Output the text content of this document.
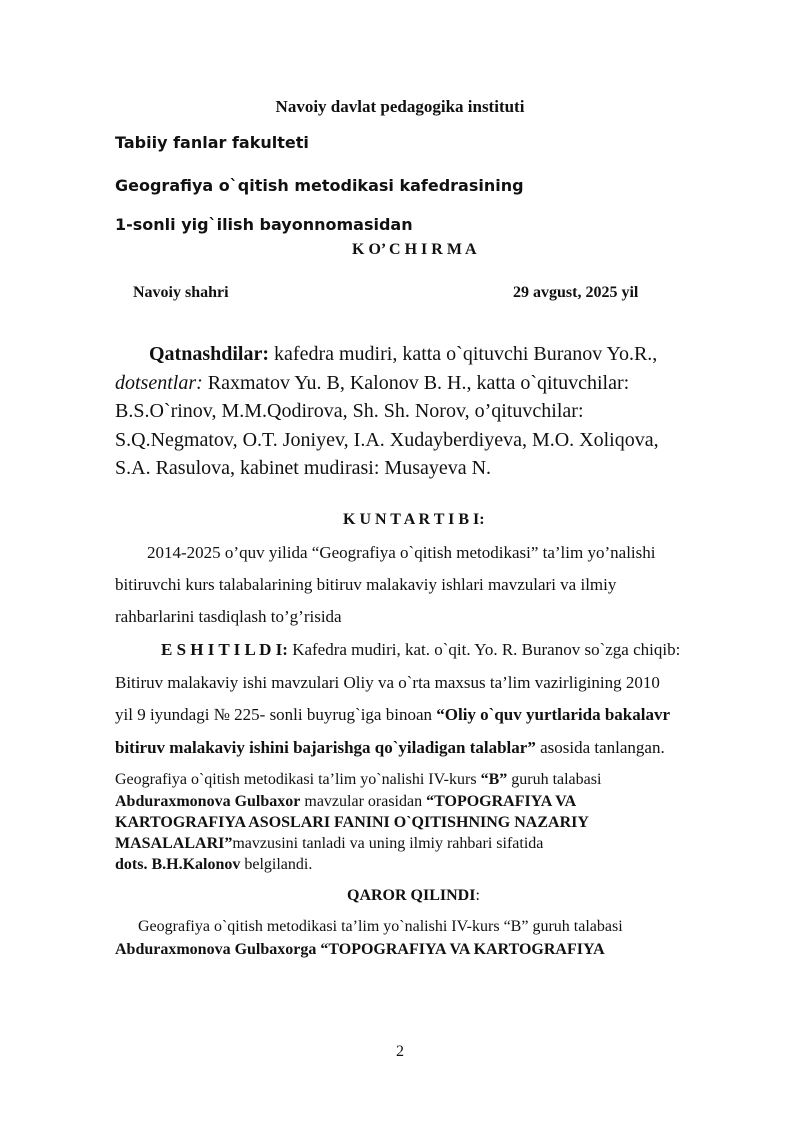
Navoiy davlat pedagogika instituti
Tabiiy fanlar fakulteti
Geografiya o`qitish metodikasi kafedrasining
1-sonli yig`ilish bayonnomasidan
K O’ C H I R M A
Navoiy shahri	29 avgust, 2025 yil
Qatnashdilar: kafedra mudiri, katta o`qituvchi Buranov Yo.R.,
dotsentlar: Raxmatov Yu. B, Kalonov B. H., katta o`qituvchilar:
B.S.O`rinov, M.M.Qodirova, Sh. Sh. Norov, o’qituvchilar:
S.Q.Negmatov, O.T. Joniyev, I.A. Xudayberdiyeva, M.O. Xoliqova,
S.A. Rasulova, kabinet mudirasi: Musayeva N.
K U N T A R T I B I:
2014-2025 o’quv yilida “Geografiya o`qitish metodikasi” ta’lim yo’nalishi
bitiruvchi kurs talabalarining bitiruv malakaviy ishlari mavzulari va ilmiy
rahbarlarini tasdiqlash to’g’risida
E S H I T I L D I: Kafedra mudiri, kat. o`qit. Yo. R. Buranov so`zga chiqib:
Bitiruv malakaviy ishi mavzulari Oliy va o`rta maxsus ta’lim vazirligining 2010
yil 9 iyundagi № 225- sonli buyrug`iga binoan “Oliy o`quv yurtlarida bakalavr
bitiruv malakaviy ishini bajarishga qo`yiladigan talablar” asosida tanlangan.
Geografiya o`qitish metodikasi ta’lim yo`nalishi IV-kurs “B” guruh talabasi
Abduraxmonova Gulbaxor mavzular orasidan “TOPOGRAFIYA VA
KARTOGRAFIYA ASOSLARI FANINI O`QITISHNING NAZARIY
MASALALARI”mavzusini tanladi va uning ilmiy rahbari sifatida
dots. B.H.Kalonov belgilandi.
QAROR QILINDI:
Geografiya o`qitish metodikasi ta’lim yo`nalishi IV-kurs “B” guruh talabasi
Abduraxmonova Gulbaxorga “TOPOGRAFIYA VA KARTOGRAFIYA
2
